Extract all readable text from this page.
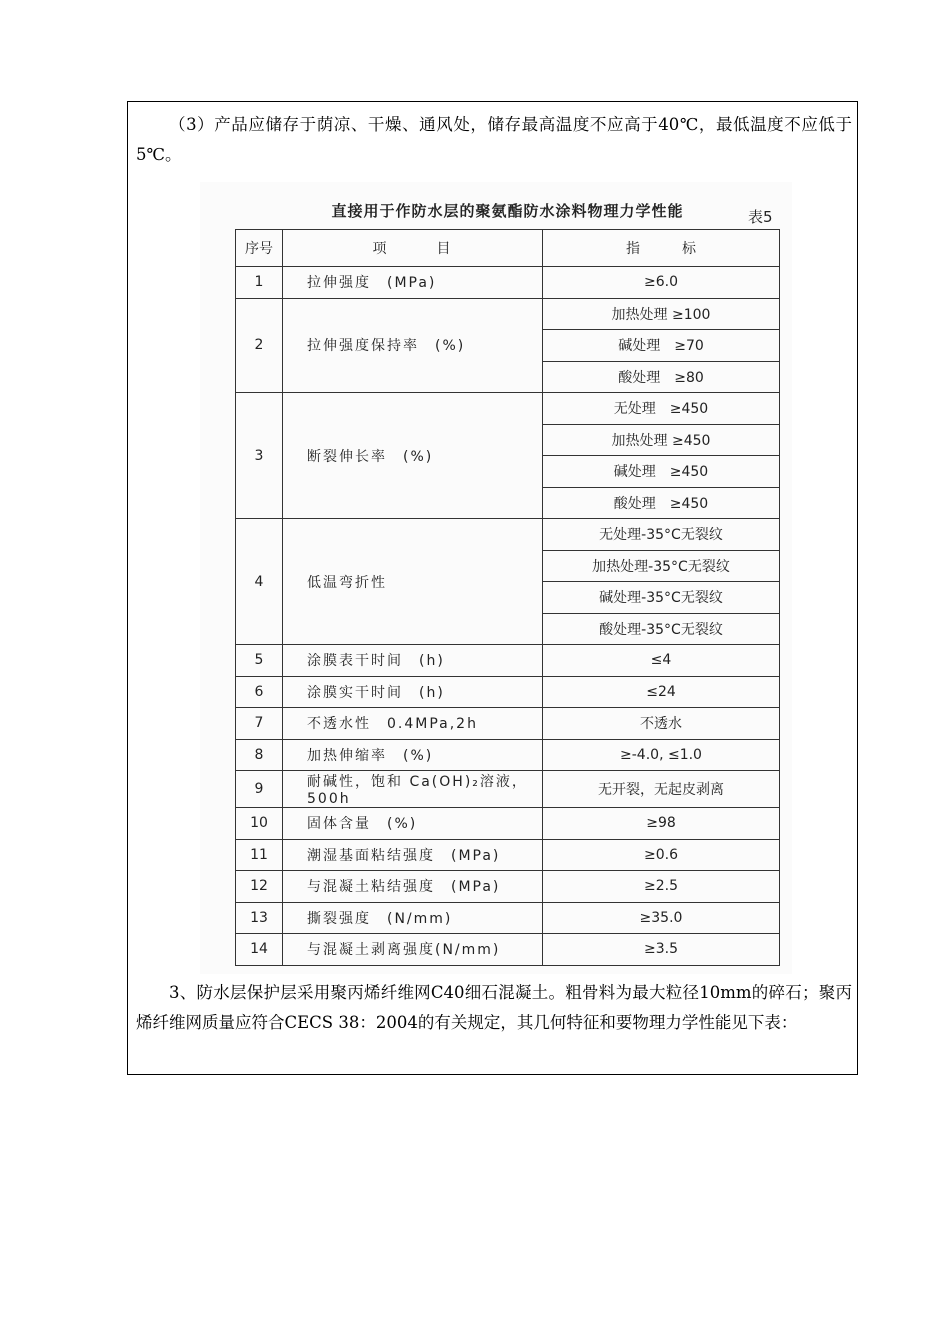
（3）产品应储存于荫凉、干燥、通风处，储存最高温度不应高于40℃，最低温度不应低于5℃。

直接用于作防水层的聚氨酯防水涂料物理力学性能	表5
序号	项　　　目	指　　　标
1	拉伸强度　(MPa)	≥6.0
2	拉伸强度保持率　(%)	加热处理 ≥100
		碱处理　≥70
		酸处理　≥80
3	断裂伸长率　(%)	无处理　≥450
		加热处理 ≥450
		碱处理　≥450
		酸处理　≥450
4	低温弯折性	无处理-35°C无裂纹
		加热处理-35°C无裂纹
		碱处理-35°C无裂纹
		酸处理-35°C无裂纹
5	涂膜表干时间　(h)	≤4
6	涂膜实干时间　(h)	≤24
7	不透水性　0.4MPa,2h	不透水
8	加热伸缩率　(%)	≥-4.0, ≤1.0
9	耐碱性，饱和 Ca(OH)₂溶液，500h	无开裂，无起皮剥离
10	固体含量　(%)	≥98
11	潮湿基面粘结强度　(MPa)	≥0.6
12	与混凝土粘结强度　(MPa)	≥2.5
13	撕裂强度　(N/mm)	≥35.0
14	与混凝土剥离强度(N/mm)	≥3.5

3、防水层保护层采用聚丙烯纤维网C40细石混凝土。粗骨料为最大粒径10mm的碎石；聚丙烯纤维网质量应符合CECS 38：2004的有关规定，其几何特征和要物理力学性能见下表：
